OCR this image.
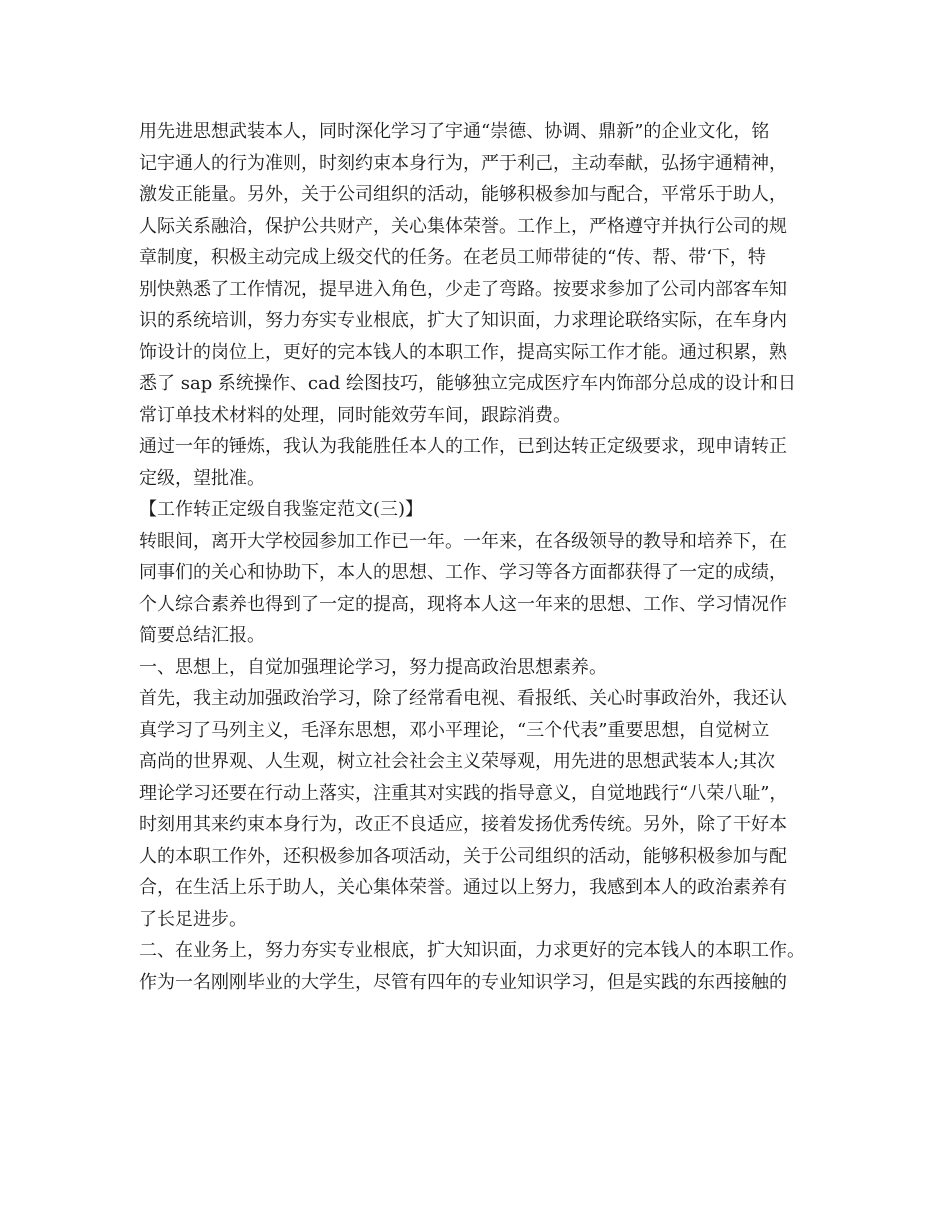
用先进思想武装本人，同时深化学习了宇通“崇德、协调、鼎新”的企业文化，铭
记宇通人的行为准则，时刻约束本身行为，严于利己，主动奉献，弘扬宇通精神，
激发正能量。另外，关于公司组织的活动，能够积极参加与配合，平常乐于助人，
人际关系融洽，保护公共财产，关心集体荣誉。工作上，严格遵守并执行公司的规
章制度，积极主动完成上级交代的任务。在老员工师带徒的“传、帮、带‘下，特
别快熟悉了工作情况，提早进入角色，少走了弯路。按要求参加了公司内部客车知
识的系统培训，努力夯实专业根底，扩大了知识面，力求理论联络实际，在车身内
饰设计的岗位上，更好的完本钱人的本职工作，提高实际工作才能。通过积累，熟
悉了 sap 系统操作、cad 绘图技巧，能够独立完成医疗车内饰部分总成的设计和日
常订单技术材料的处理，同时能效劳车间，跟踪消费。

通过一年的锤炼，我认为我能胜任本人的工作，已到达转正定级要求，现申请转正
定级，望批准。

【工作转正定级自我鉴定范文(三)】

转眼间，离开大学校园参加工作已一年。一年来，在各级领导的教导和培养下，在
同事们的关心和协助下，本人的思想、工作、学习等各方面都获得了一定的成绩，
个人综合素养也得到了一定的提高，现将本人这一年来的思想、工作、学习情况作
简要总结汇报。

一、思想上，自觉加强理论学习，努力提高政治思想素养。

首先，我主动加强政治学习，除了经常看电视、看报纸、关心时事政治外，我还认
真学习了马列主义，毛泽东思想，邓小平理论，“三个代表”重要思想，自觉树立
高尚的世界观、人生观，树立社会社会主义荣辱观，用先进的思想武装本人;其次
理论学习还要在行动上落实，注重其对实践的指导意义，自觉地践行“八荣八耻”，
时刻用其来约束本身行为，改正不良适应，接着发扬优秀传统。另外，除了干好本
人的本职工作外，还积极参加各项活动，关于公司组织的活动，能够积极参加与配
合，在生活上乐于助人，关心集体荣誉。通过以上努力，我感到本人的政治素养有
了长足进步。

二、在业务上，努力夯实专业根底，扩大知识面，力求更好的完本钱人的本职工作。

作为一名刚刚毕业的大学生，尽管有四年的专业知识学习，但是实践的东西接触的
